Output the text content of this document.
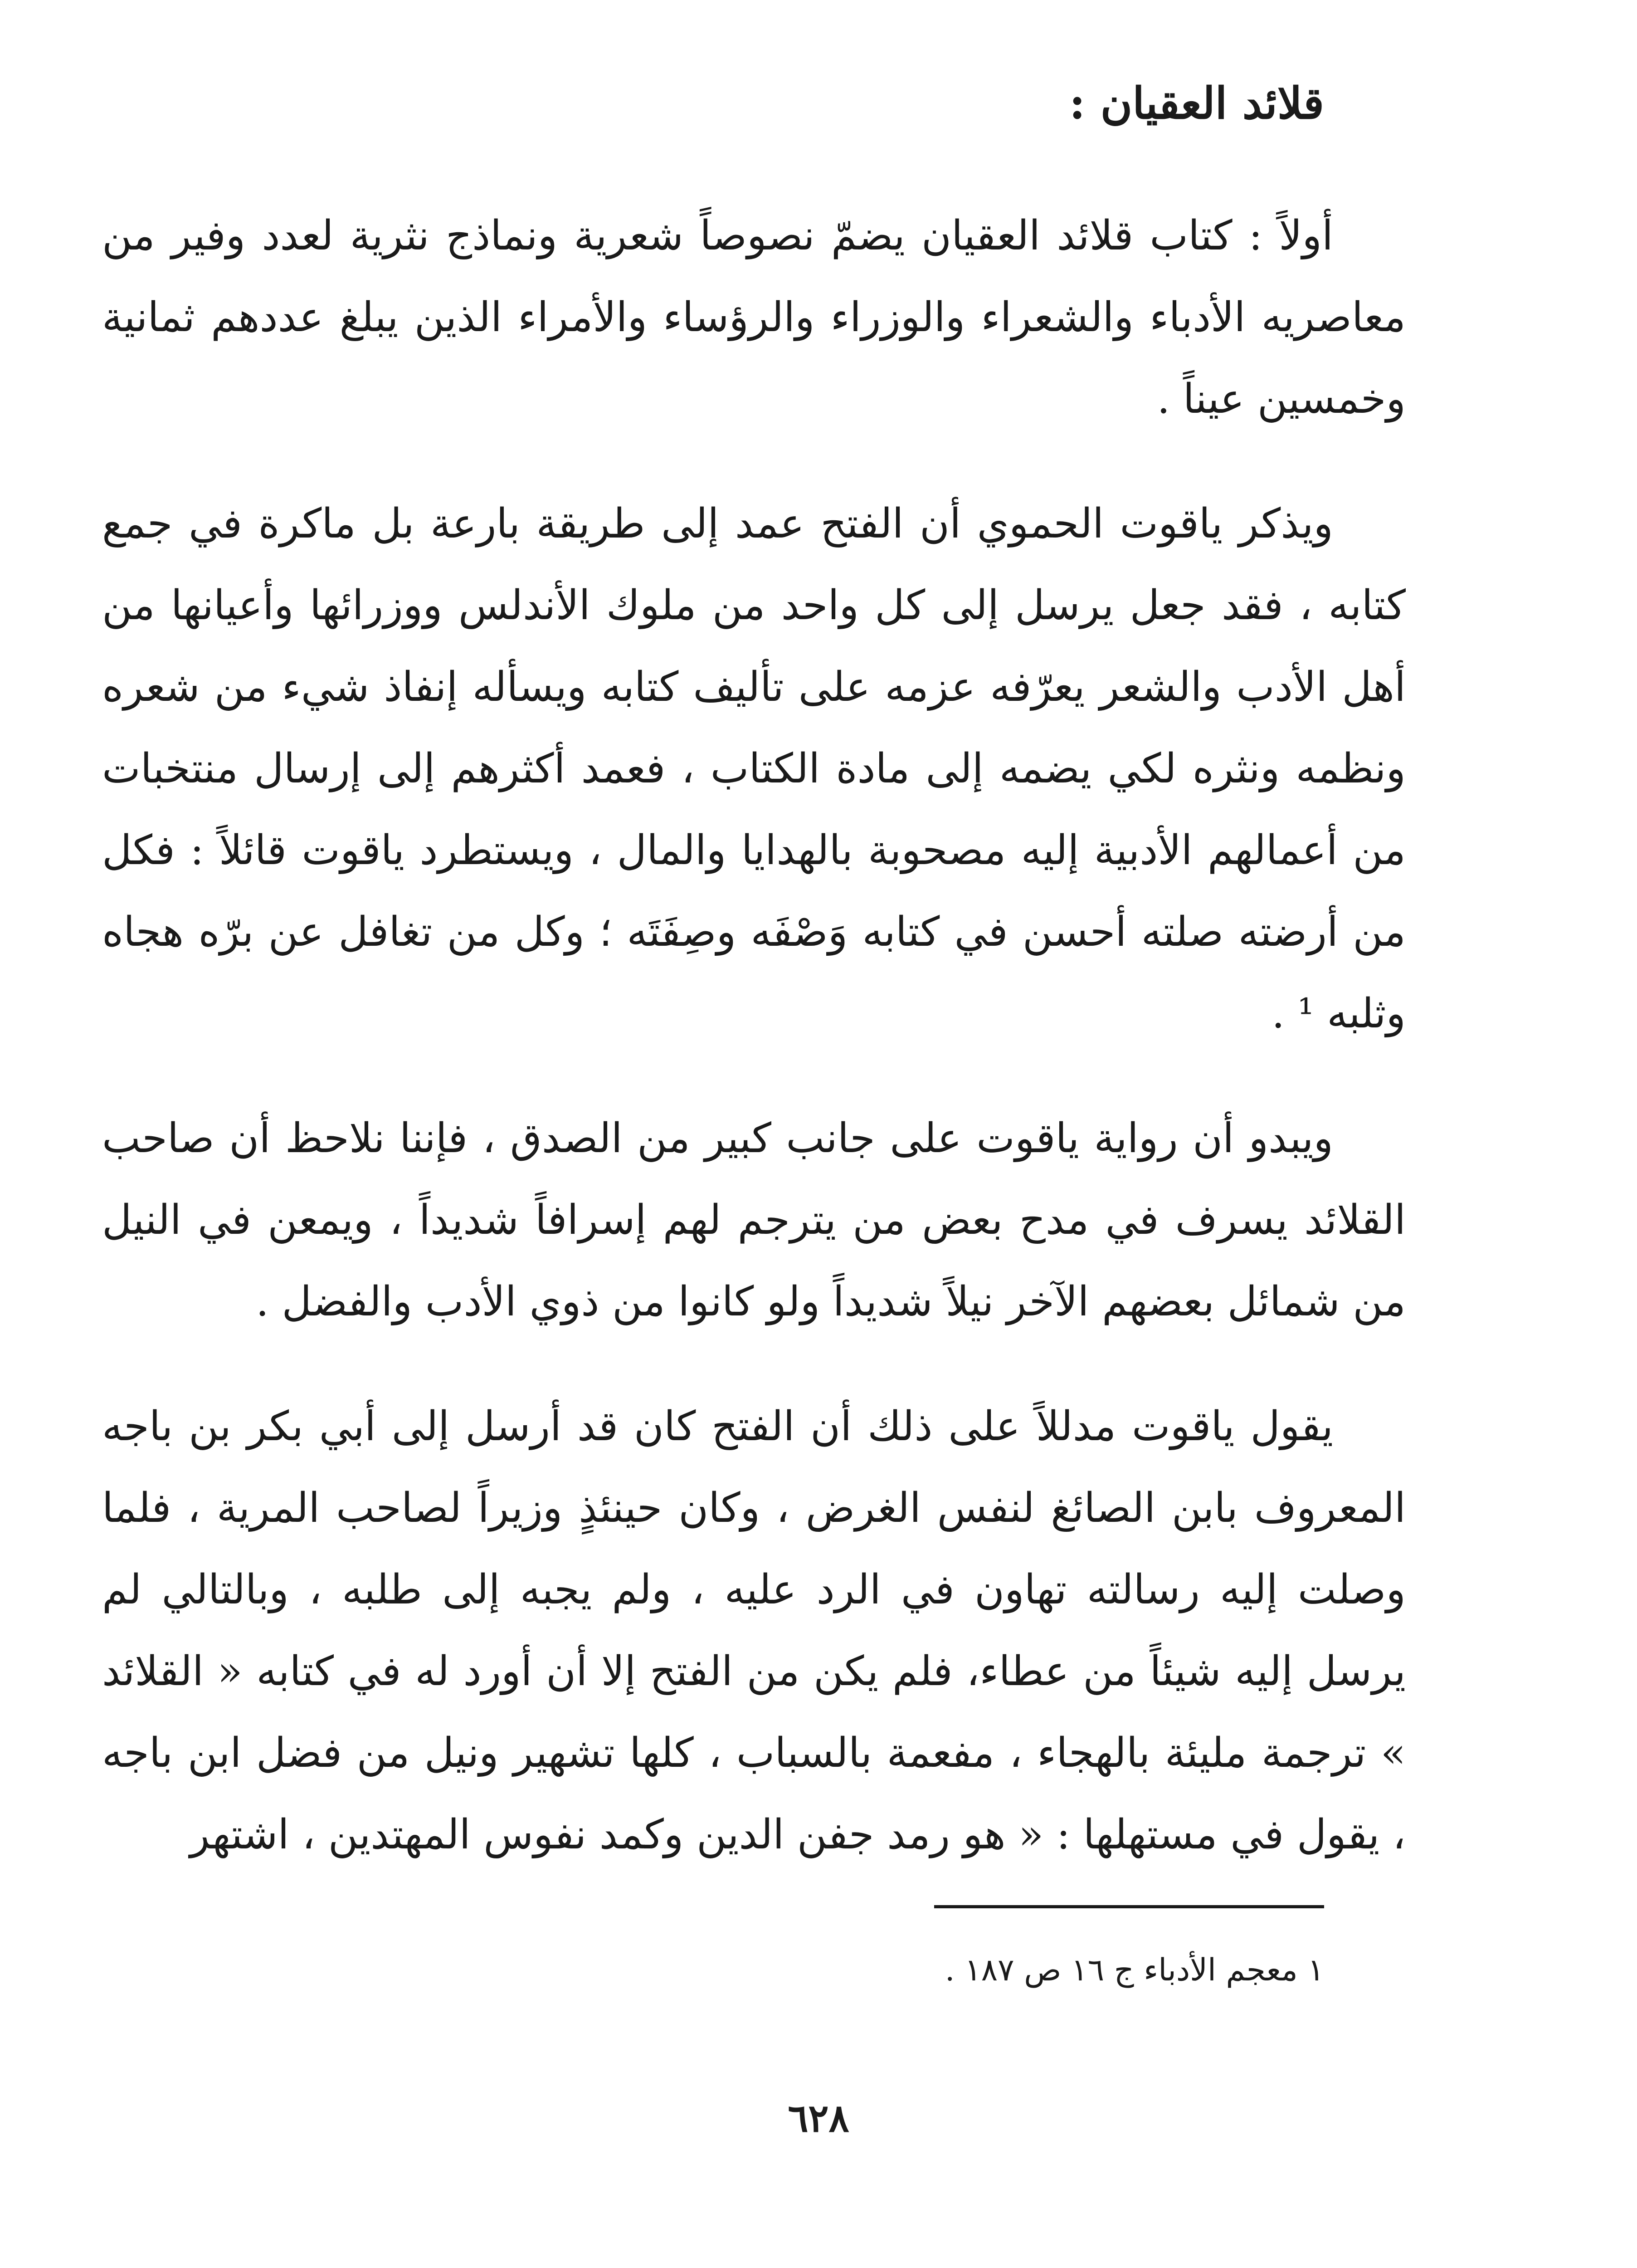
قلائد العقيان :

أولاً : كتاب قلائد العقيان يضمّ نصوصاً شعرية ونماذج نثرية لعدد وفير من معاصريه الأدباء والشعراء والوزراء والرؤساء والأمراء الذين يبلغ عددهم ثمانية وخمسين عيناً .

ويذكر ياقوت الحموي أن الفتح عمد إلى طريقة بارعة بل ماكرة في جمع كتابه ، فقد جعل يرسل إلى كل واحد من ملوك الأندلس ووزرائها وأعيانها من أهل الأدب والشعر يعرّفه عزمه على تأليف كتابه ويسأله إنفاذ شيء من شعره ونظمه ونثره لكي يضمه إلى مادة الكتاب ، فعمد أكثرهم إلى إرسال منتخبات من أعمالهم الأدبية إليه مصحوبة بالهدايا والمال ، ويستطرد ياقوت قائلاً : فكل من أرضته صلته أحسن في كتابه وَصْفَه وصِفَتَه ؛ وكل من تغافل عن برّه هجاه وثلبه ¹ .

ويبدو أن رواية ياقوت على جانب كبير من الصدق ، فإننا نلاحظ أن صاحب القلائد يسرف في مدح بعض من يترجم لهم إسرافاً شديداً ، ويمعن في النيل من شمائل بعضهم الآخر نيلاً شديداً ولو كانوا من ذوي الأدب والفضل .

يقول ياقوت مدللاً على ذلك أن الفتح كان قد أرسل إلى أبي بكر بن باجه المعروف بابن الصائغ لنفس الغرض ، وكان حينئذٍ وزيراً لصاحب المرية ، فلما وصلت إليه رسالته تهاون في الرد عليه ، ولم يجبه إلى طلبه ، وبالتالي لم يرسل إليه شيئاً من عطاء، فلم يكن من الفتح إلا أن أورد له في كتابه « القلائد » ترجمة مليئة بالهجاء ، مفعمة بالسباب ، كلها تشهير ونيل من فضل ابن باجه ، يقول في مستهلها : « هو رمد جفن الدين وكمد نفوس المهتدين ، اشتهر

١ معجم الأدباء ج ١٦ ص ١٨٧ .
٦٢٨
